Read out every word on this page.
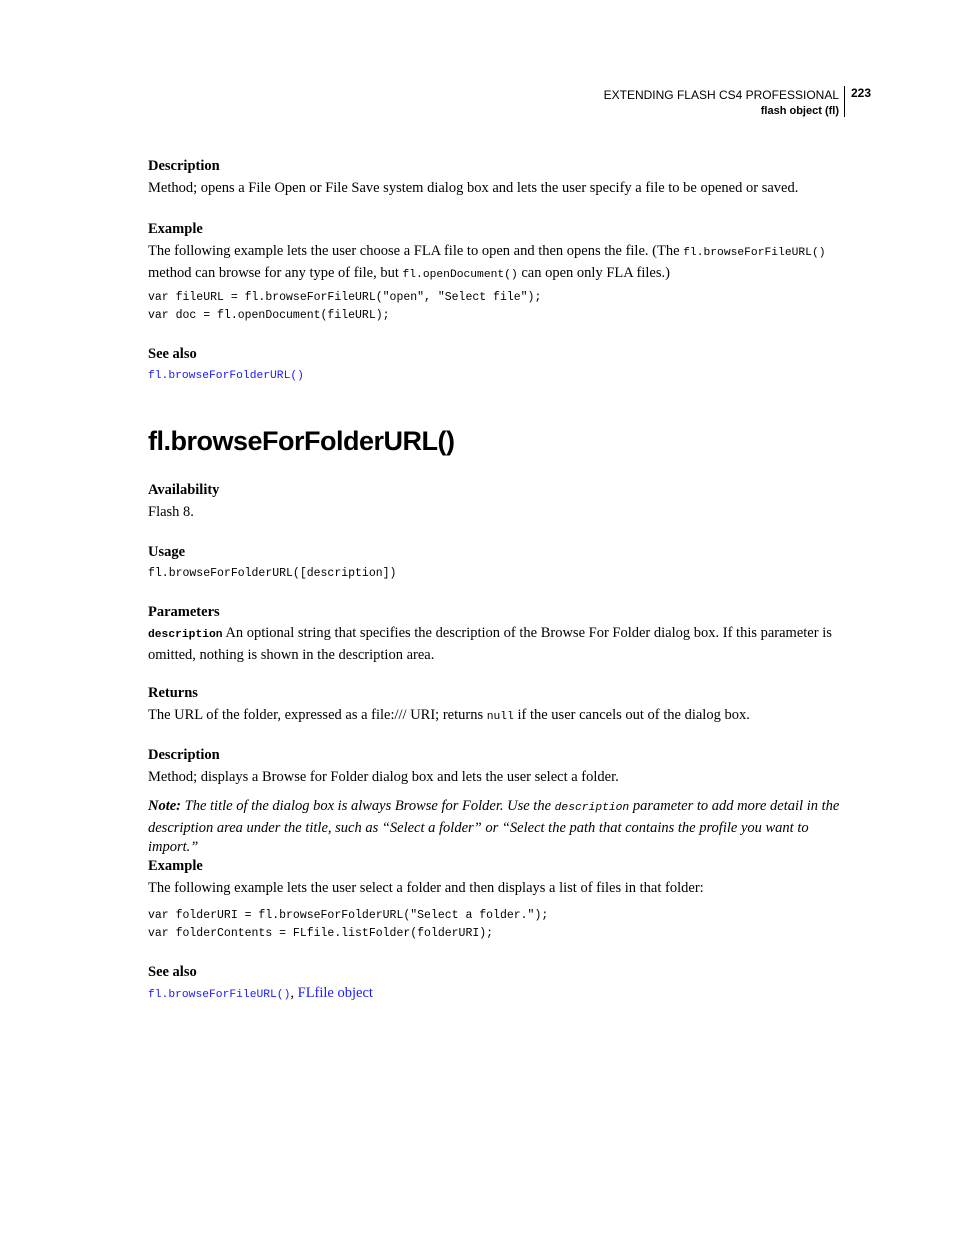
EXTENDING FLASH CS4 PROFESSIONAL
flash object (fl)
223
Description
Method; opens a File Open or File Save system dialog box and lets the user specify a file to be opened or saved.
Example
The following example lets the user choose a FLA file to open and then opens the file. (The fl.browseForFileURL() method can browse for any type of file, but fl.openDocument() can open only FLA files.)
var fileURL = fl.browseForFileURL("open", "Select file");
var doc = fl.openDocument(fileURL);
See also
fl.browseForFolderURL()
fl.browseForFolderURL()
Availability
Flash 8.
Usage
fl.browseForFolderURL([description])
Parameters
description An optional string that specifies the description of the Browse For Folder dialog box. If this parameter is omitted, nothing is shown in the description area.
Returns
The URL of the folder, expressed as a file:/// URI; returns null if the user cancels out of the dialog box.
Description
Method; displays a Browse for Folder dialog box and lets the user select a folder.
Note: The title of the dialog box is always Browse for Folder. Use the description parameter to add more detail in the description area under the title, such as “Select a folder” or “Select the path that contains the profile you want to import.”
Example
The following example lets the user select a folder and then displays a list of files in that folder:
var folderURI = fl.browseForFolderURL("Select a folder.");
var folderContents = FLfile.listFolder(folderURI);
See also
fl.browseForFileURL(), FLfile object
